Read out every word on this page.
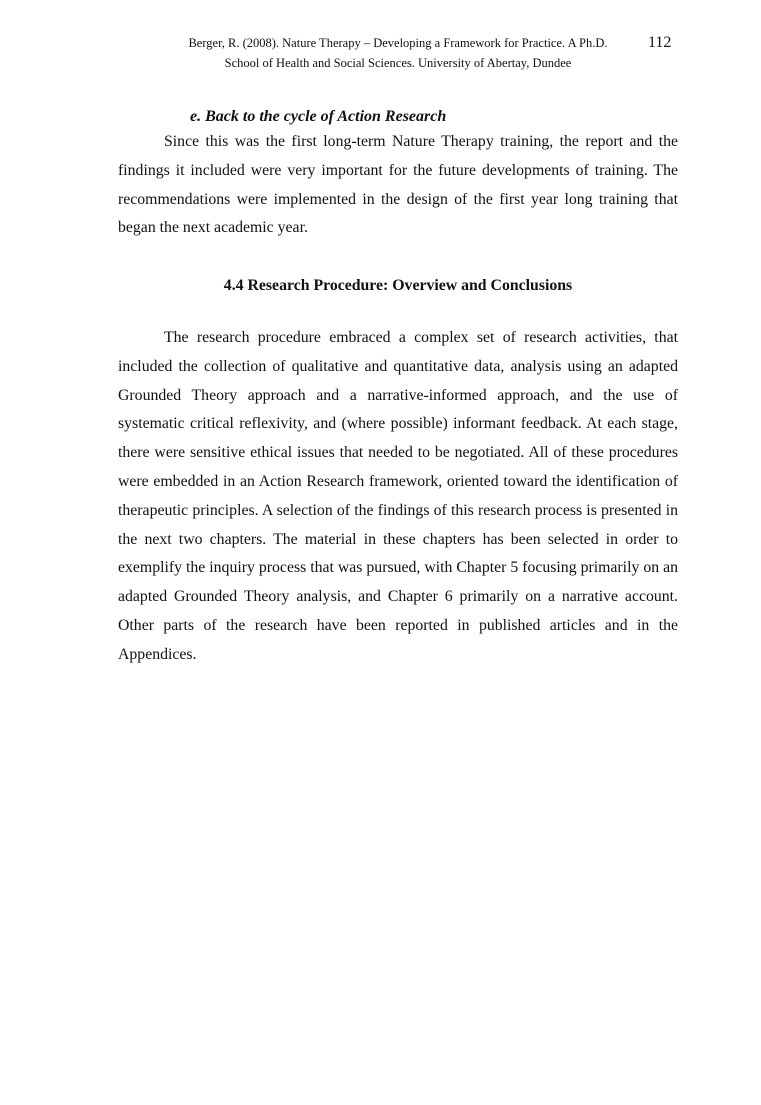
Berger, R. (2008). Nature Therapy – Developing a Framework for Practice. A Ph.D.
School of Health and Social Sciences. University of Abertay, Dundee
112
e. Back to the cycle of Action Research

Since this was the first long-term Nature Therapy training, the report and the findings it included were very important for the future developments of training. The recommendations were implemented in the design of the first year long training that began the next academic year.

4.4 Research Procedure: Overview and Conclusions

The research procedure embraced a complex set of research activities, that included the collection of qualitative and quantitative data, analysis using an adapted Grounded Theory approach and a narrative-informed approach, and the use of systematic critical reflexivity, and (where possible) informant feedback. At each stage, there were sensitive ethical issues that needed to be negotiated. All of these procedures were embedded in an Action Research framework, oriented toward the identification of therapeutic principles. A selection of the findings of this research process is presented in the next two chapters. The material in these chapters has been selected in order to exemplify the inquiry process that was pursued, with Chapter 5 focusing primarily on an adapted Grounded Theory analysis, and Chapter 6 primarily on a narrative account. Other parts of the research have been reported in published articles and in the Appendices.
